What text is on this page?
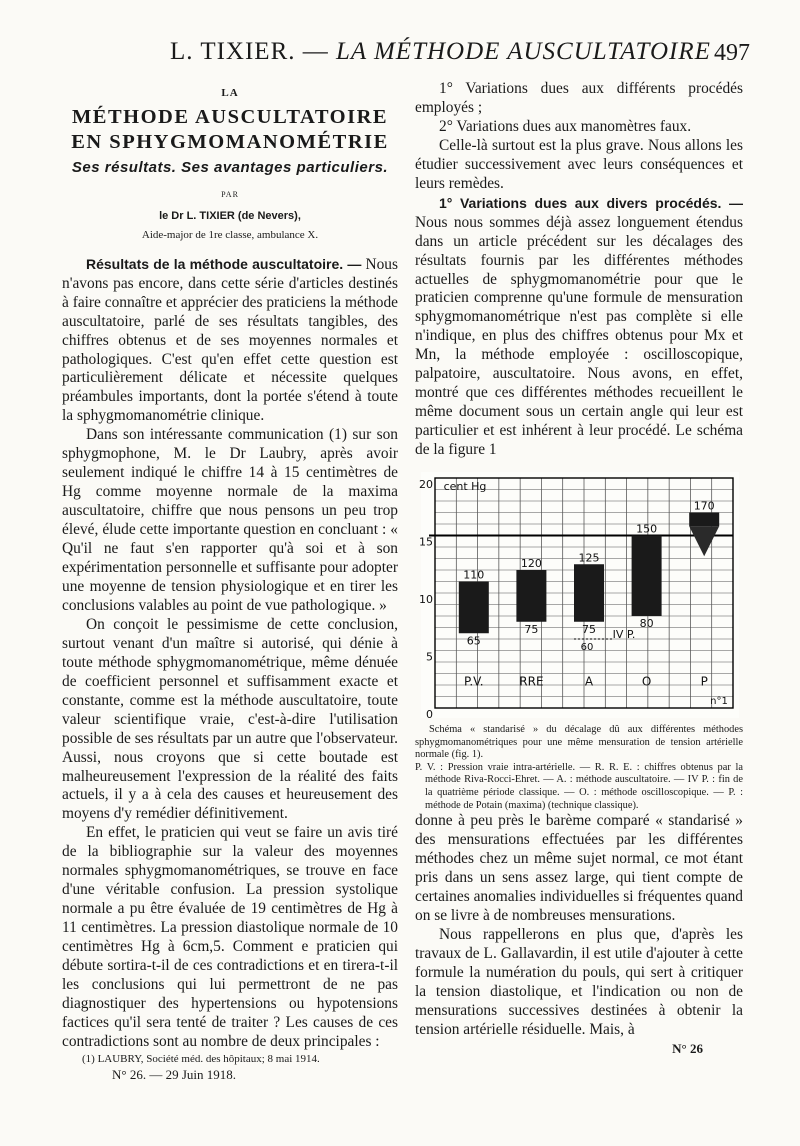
L. TIXIER. — LA MÉTHODE AUSCULTATOIRE 497
LA
MÉTHODE AUSCULTATOIRE
EN SPHYGMOMANOMÉTRIE
Ses résultats. Ses avantages particuliers.
PAR
le Dr L. TIXIER (de Nevers),
Aide-major de 1re classe, ambulance X.

Résultats de la méthode auscultatoire. — Nous n'avons pas encore, dans cette série d'articles destinés à faire connaître et apprécier des praticiens la méthode auscultatoire, parlé de ses résultats tangibles, des chiffres obtenus et de ses moyennes normales et pathologiques. C'est qu'en effet cette question est particulièrement délicate et nécessite quelques préambules importants, dont la portée s'étend à toute la sphygmomanométrie clinique.

Dans son intéressante communication (1) sur son sphygmophone, M. le Dr Laubry, après avoir seulement indiqué le chiffre 14 à 15 centimètres de Hg comme moyenne normale de la maxima auscultatoire, chiffre que nous pensons un peu trop élevé, élude cette importante question en concluant : « Qu'il ne faut s'en rapporter qu'à soi et à son expérimentation personnelle et suffisante pour adopter une moyenne de tension physiologique et en tirer les conclusions valables au point de vue pathologique. »

On conçoit le pessimisme de cette conclusion, surtout venant d'un maître si autorisé, qui dénie à toute méthode sphygmomanométrique, même dénuée de coefficient personnel et suffisamment exacte et constante, comme est la méthode auscultatoire, toute valeur scientifique vraie, c'est-à-dire l'utilisation possible de ses résultats par un autre que l'observateur. Aussi, nous croyons que si cette boutade est malheureusement l'expression de la réalité des faits actuels, il y a à cela des causes et heureusement des moyens d'y remédier définitivement.

En effet, le praticien qui veut se faire un avis tiré de la bibliographie sur la valeur des moyennes normales sphygmomanométriques, se trouve en face d'une véritable confusion. La pression systolique normale a pu être évaluée de 19 centimètres de Hg à 11 centimètres. La pression diastolique normale de 10 centimètres Hg à 6cm,5. Comment e praticien qui débute sortira-t-il de ces contradictions et en tirera-t-il les conclusions qui lui permettront de ne pas diagnostiquer des hypertensions ou hypotensions factices qu'il sera tenté de traiter ? Les causes de ces contradictions sont au nombre de deux principales :

(1) LAUBRY, Société méd. des hôpitaux; 8 mai 1914.

N° 26. — 29 Juin 1918.

1° Variations dues aux différents procédés employés ;

2° Variations dues aux manomètres faux.

Celle-là surtout est la plus grave. Nous allons les étudier successivement avec leurs conséquences et leurs remèdes.

1° Variations dues aux divers procédés. — Nous nous sommes déjà assez longuement étendus dans un article précédent sur les décalages des résultats fournis par les différentes méthodes actuelles de sphygmomanométrie pour que le praticien comprenne qu'une formule de mensuration sphygmomanométrique n'est pas complète si elle n'indique, en plus des chiffres obtenus pour Mx et Mn, la méthode employée : oscilloscopique, palpatoire, auscultatoire. Nous avons, en effet, montré que ces différentes méthodes recueillent le même document sous un certain angle qui leur est particulier et est inhérent à leur procédé. Le schéma de la figure 1

0
5
10
15
20 cent Hg
n°1
110
65
P.V.
120
75
RRE
125
75
A
150
80
O
170
P
60
IV P.

Schéma « standarisé » du décalage dû aux différentes méthodes sphygmomanométriques pour une même mensuration de tension artérielle normale (fig. 1).

P. V. : Pression vraie intra-artérielle. — R. R. E. : chiffres obtenus par la méthode Riva-Rocci-Ehret. — A. : méthode auscultatoire. — IV P. : fin de la quatrième période classique. — O. : méthode oscilloscopique. — P. : méthode de Potain (maxima) (technique classique).

donne à peu près le barème comparé « standarisé » des mensurations effectuées par les différentes méthodes chez un même sujet normal, ce mot étant pris dans un sens assez large, qui tient compte de certaines anomalies individuelles si fréquentes quand on se livre à de nombreuses mensurations.

Nous rappellerons en plus que, d'après les travaux de L. Gallavardin, il est utile d'ajouter à cette formule la numération du pouls, qui sert à critiquer la tension diastolique, et l'indication ou non de mensurations successives destinées à obtenir la tension artérielle résiduelle. Mais, à

N° 26
